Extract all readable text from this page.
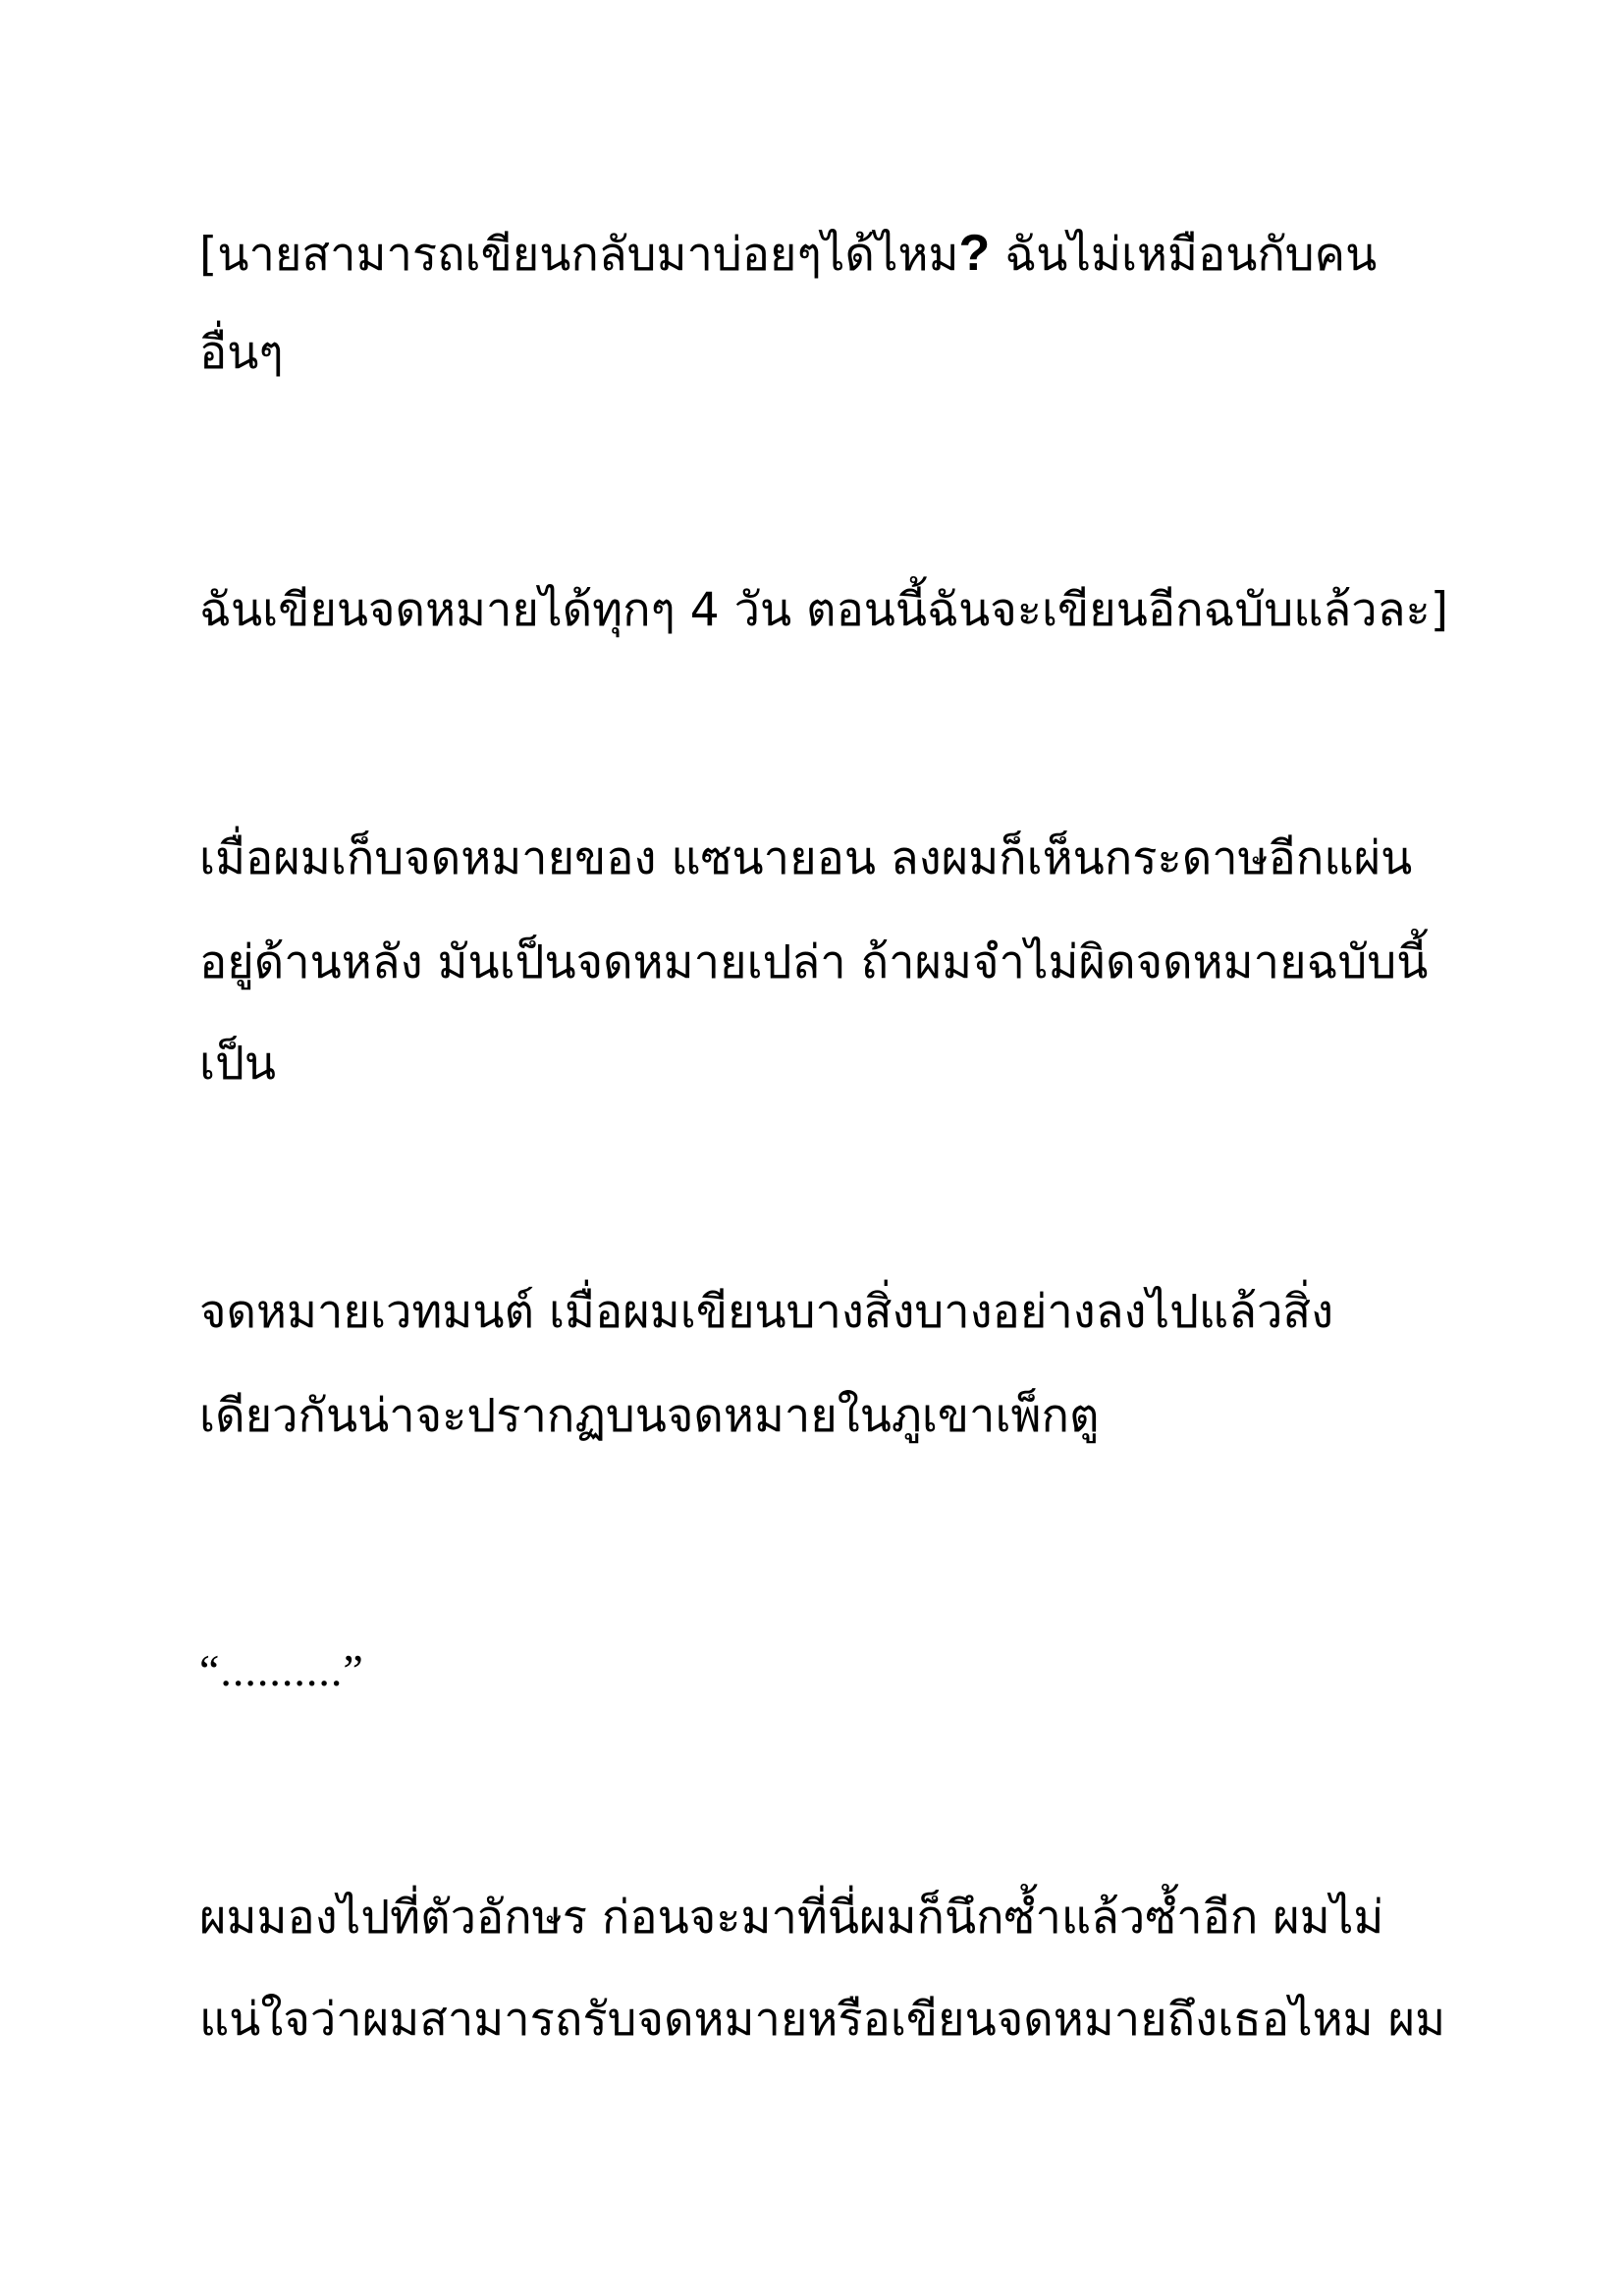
[นายสามารถเขียนกลับมาบ่อยๆได้ไหม? ฉันไม่เหมือนกับคน

อื่นๆ

ฉันเขียนจดหมายได้ทุกๆ 4 วัน ตอนนี้ฉันจะเขียนอีกฉบับแล้วละ]

เมื่อผมเก็บจดหมายของ แซนายอน ลงผมก็เห็นกระดาษอีกแผ่น

อยู่ด้านหลัง มันเป็นจดหมายเปล่า ถ้าผมจำไม่ผิดจดหมายฉบับนี้

เป็น

จดหมายเวทมนต์ เมื่อผมเขียนบางสิ่งบางอย่างลงไปแล้วสิ่ง

เดียวกันน่าจะปรากฏบนจดหมายในภูเขาเพ็กตู

“..........”

ผมมองไปที่ตัวอักษร ก่อนจะมาที่นี่ผมก็นึกซ้ำแล้วซ้ำอีก ผมไม่

แน่ใจว่าผมสามารถรับจดหมายหรือเขียนจดหมายถึงเธอไหม ผม
